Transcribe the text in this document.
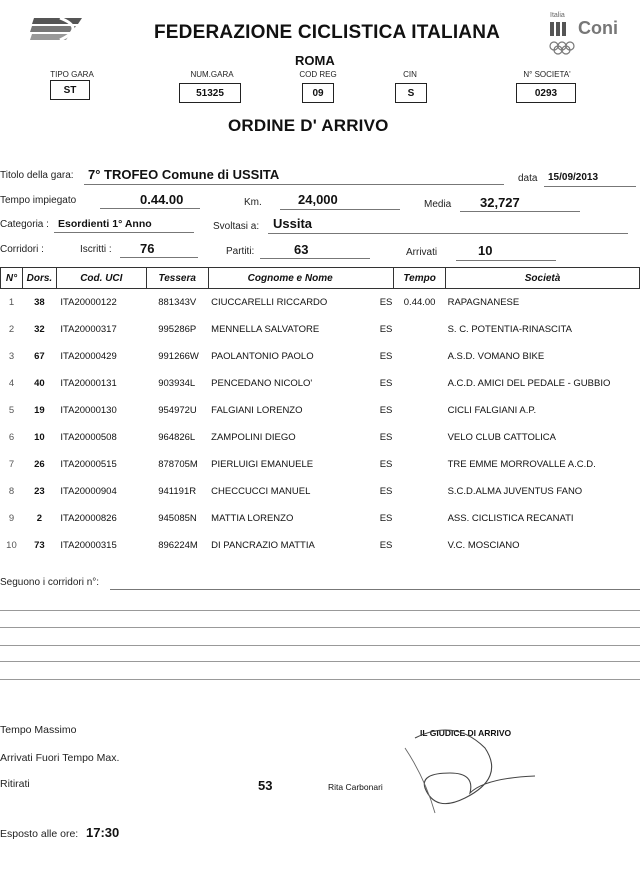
Italia
Coni
FEDERAZIONE CICLISTICA ITALIANA
ROMA
TIPO GARA
ST
NUM.GARA
51325
COD REG
09
CIN
S
N° SOCIETA'
0293
ORDINE D' ARRIVO
Titolo della gara: 7° TROFEO Comune di USSITA	data 15/09/2013
Tempo impiegato	0.44.00	Km.	24,000	Media 32,727
Categoria : Esordienti 1° Anno	Svoltasi a: Ussita
Corridori :	Iscritti : 76	Partiti:	63	Arrivati	10
N°	Dors.	Cod. UCI	Tessera	Cognome e Nome		Tempo	Società
1	38	ITA20000122	881343V	CIUCCARELLI RICCARDO	ES	0.44.00	RAPAGNANESE
2	32	ITA20000317	995286P	MENNELLA SALVATORE	ES		S. C. POTENTIA-RINASCITA
3	67	ITA20000429	991266W	PAOLANTONIO PAOLO	ES		A.S.D. VOMANO BIKE
4	40	ITA20000131	903934L	PENCEDANO NICOLO'	ES		A.C.D. AMICI DEL PEDALE - GUBBIO
5	19	ITA20000130	954972U	FALGIANI LORENZO	ES		CICLI FALGIANI A.P.
6	10	ITA20000508	964826L	ZAMPOLINI DIEGO	ES		VELO CLUB CATTOLICA
7	26	ITA20000515	878705M	PIERLUIGI EMANUELE	ES		TRE EMME MORROVALLE A.C.D.
8	23	ITA20000904	941191R	CHECCUCCI MANUEL	ES		S.C.D.ALMA JUVENTUS FANO
9	2	ITA20000826	945085N	MATTIA LORENZO	ES		ASS. CICLISTICA RECANATI
10	73	ITA20000315	896224M	DI PANCRAZIO MATTIA	ES		V.C. MOSCIANO
Seguono i corridori n°:
Tempo Massimo
Arrivati Fuori Tempo Max.
Ritirati	53
IL GIUDICE DI ARRIVO
Rita Carbonari
Esposto alle ore: 17:30
